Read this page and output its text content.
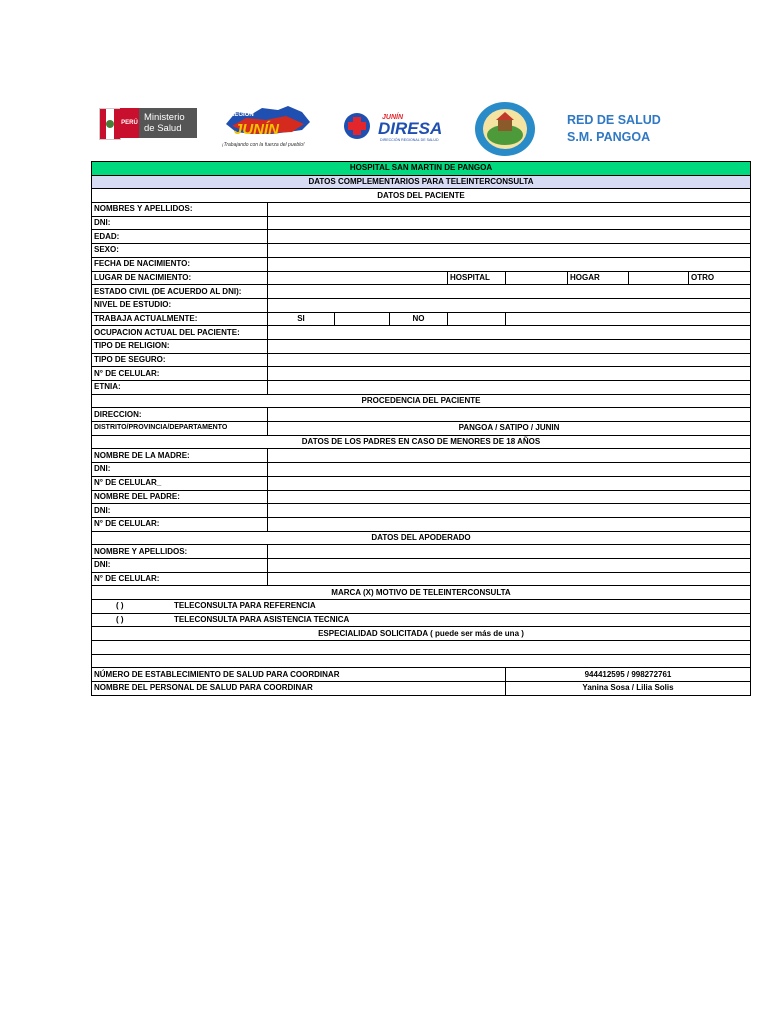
PERÚ Ministerio de Salud
REGIÓN
JUNÍN
¡Trabajando con la fuerza del pueblo!
JUNÍN
DIRESA
DIRECCIÓN REGIONAL DE SALUD
RED DE SALUD
S.M. PANGOA
HOSPITAL SAN MARTIN DE PANGOA								
DATOS COMPLEMENTARIOS PARA TELEINTERCONSULTA								
DATOS DEL PACIENTE								
NOMBRES Y APELLIDOS:								
DNI:								
EDAD:								
SEXO:								
FECHA DE NACIMIENTO:								
LUGAR DE NACIMIENTO:				HOSPITAL		HOGAR		OTRO
ESTADO CIVIL (DE ACUERDO AL DNI):								
NIVEL DE ESTUDIO:								
TRABAJA ACTUALMENTE:	SI		NO					
OCUPACION ACTUAL DEL PACIENTE:								
TIPO DE RELIGION:								
TIPO DE SEGURO:								
N° DE CELULAR:								
ETNIA:								
PROCEDENCIA DEL PACIENTE								
DIRECCION:								
DISTRITO/PROVINCIA/DEPARTAMENTO	PANGOA / SATIPO / JUNIN							
DATOS DE LOS PADRES EN CASO DE MENORES DE 18 AÑOS								
NOMBRE DE LA MADRE:								
DNI:								
N° DE CELULAR_								
NOMBRE DEL PADRE:								
DNI:								
N° DE CELULAR:								
DATOS DEL APODERADO								
NOMBRE Y APELLIDOS:								
DNI:								
N° DE CELULAR:								
MARCA (X) MOTIVO DE TELEINTERCONSULTA								
( ) TELECONSULTA PARA REFERENCIA								
( ) TELECONSULTA PARA ASISTENCIA TECNICA								
ESPECIALIDAD SOLICITADA ( puede ser más de una )								

NÚMERO DE ESTABLECIMIENTO DE SALUD PARA COORDINAR					944412595 / 998272761			
NOMBRE DEL PERSONAL DE SALUD PARA COORDINAR					Yanina Sosa / Lilia Solis			
